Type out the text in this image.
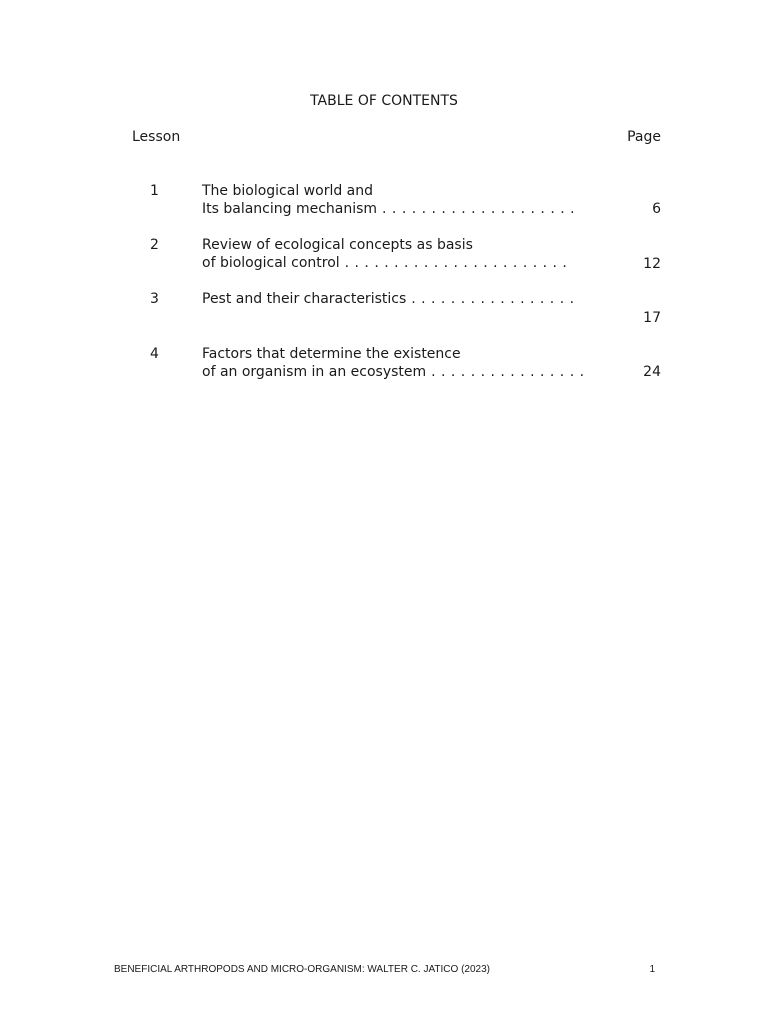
TABLE OF CONTENTS
Lesson	Page
1	The biological world and
Its balancing mechanism . . . . . . . . . . . . . . . . . . . .	6
2	Review of ecological concepts as basis
of biological control . . . . . . . . . . . . . . . . . . . . . . .	12
3	Pest and their characteristics . . . . . . . . . . . . . . . . .
17
4	Factors that determine the existence
of an organism in an ecosystem . . . . . . . . . . . . . . . .	24
BENEFICIAL ARTHROPODS AND MICRO-ORGANISM: WALTER C. JATICO (2023)	1
